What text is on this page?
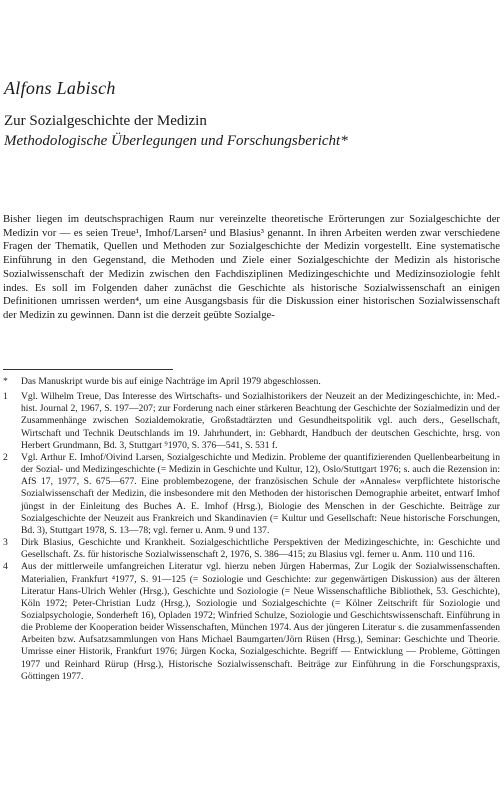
Alfons Labisch
Zur Sozialgeschichte der Medizin
Methodologische Überlegungen und Forschungsbericht*

Bisher liegen im deutschsprachigen Raum nur vereinzelte theoretische Erörterungen zur Sozialgeschichte der Medizin vor — es seien Treue¹, Imhof/Larsen² und Blasius³ genannt. In ihren Arbeiten werden zwar verschiedene Fragen der Thematik, Quellen und Methoden zur Sozialgeschichte der Medizin vorgestellt. Eine systematische Einführung in den Gegenstand, die Methoden und Ziele einer Sozialgeschichte der Medizin als historische Sozialwissenschaft der Medizin zwischen den Fachdisziplinen Medizingeschichte und Medizinsoziologie fehlt indes. Es soll im Folgenden daher zunächst die Geschichte als historische Sozialwissenschaft an einigen Definitionen umrissen werden⁴, um eine Ausgangsbasis für die Diskussion einer historischen Sozialwissenschaft der Medizin zu gewinnen. Dann ist die derzeit geübte Sozialge-

*	Das Manuskript wurde bis auf einige Nachträge im April 1979 abgeschlossen.
1	Vgl. Wilhelm Treue, Das Interesse des Wirtschafts- und Sozialhistorikers der Neuzeit an der Medizingeschichte, in: Med.-hist. Journal 2, 1967, S. 197—207; zur Forderung nach einer stärkeren Beachtung der Geschichte der Sozialmedizin und der Zusammenhänge zwischen Sozialdemokratie, Großstadtärzten und Gesundheitspolitik vgl. auch ders., Gesellschaft, Wirtschaft und Technik Deutschlands im 19. Jahrhundert, in: Gebhardt, Handbuch der deutschen Geschichte, hrsg. von Herbert Grundmann, Bd. 3, Stuttgart ⁹1970, S. 376—541, S. 531 f.
2	Vgl. Arthur E. Imhof/Oivind Larsen, Sozialgeschichte und Medizin. Probleme der quantifizierenden Quellenbearbeitung in der Sozial- und Medizingeschichte (= Medizin in Geschichte und Kultur, 12), Oslo/Stuttgart 1976; s. auch die Rezension in: AfS 17, 1977, S. 675—677. Eine problembezogene, der französischen Schule der »Annales« verpflichtete historische Sozialwissenschaft der Medizin, die insbesondere mit den Methoden der historischen Demographie arbeitet, entwarf Imhof jüngst in der Einleitung des Buches A. E. Imhof (Hrsg.), Biologie des Menschen in der Geschichte. Beiträge zur Sozialgeschichte der Neuzeit aus Frankreich und Skandinavien (= Kultur und Gesellschaft: Neue historische Forschungen, Bd. 3), Stuttgart 1978, S. 13—78; vgl. ferner u. Anm. 9 und 137.
3	Dirk Blasius, Geschichte und Krankheit. Sozialgeschichtliche Perspektiven der Medizingeschichte, in: Geschichte und Gesellschaft. Zs. für historische Sozialwissenschaft 2, 1976, S. 386—415; zu Blasius vgl. ferner u. Anm. 110 und 116.
4	Aus der mittlerweile umfangreichen Literatur vgl. hierzu neben Jürgen Habermas, Zur Logik der Sozialwissenschaften. Materialien, Frankfurt ⁴1977, S. 91—125 (= Soziologie und Geschichte: zur gegenwärtigen Diskussion) aus der älteren Literatur Hans-Ulrich Wehler (Hrsg.), Geschichte und Soziologie (= Neue Wissenschaftliche Bibliothek, 53. Geschichte), Köln 1972; Peter-Christian Ludz (Hrsg.), Soziologie und Sozialgeschichte (= Kölner Zeitschrift für Soziologie und Sozialpsychologie, Sonderheft 16), Opladen 1972; Winfried Schulze, Soziologie und Geschichtswissenschaft. Einführung in die Probleme der Kooperation beider Wissenschaften, München 1974. Aus der jüngeren Literatur s. die zusammenfassenden Arbeiten bzw. Aufsatzsammlungen von Hans Michael Baumgarten/Jörn Rüsen (Hrsg.), Seminar: Geschichte und Theorie. Umrisse einer Historik, Frankfurt 1976; Jürgen Kocka, Sozialgeschichte. Begriff — Entwicklung — Probleme, Göttingen 1977 und Reinhard Rürup (Hrsg.), Historische Sozialwissenschaft. Beiträge zur Einführung in die Forschungspraxis, Göttingen 1977.
